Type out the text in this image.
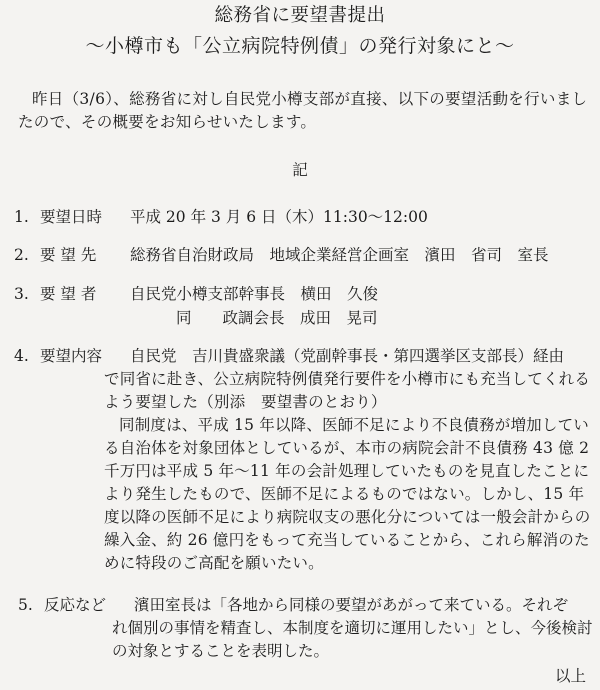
総務省に要望書提出
～小樽市も「公立病院特例債」の発行対象にと～
昨日（3/6）、総務省に対し自民党小樽支部が直接、以下の要望活動を行いましたので、その概要をお知らせいたします。
記
1. 要望日時 平成 20 年 3 月 6 日（木）11:30～12:00
2. 要 望 先 総務省自治財政局　地域企業経営企画室　濱田　省司　室長
3. 要 望 者 自民党小樽支部幹事長　横田　久俊
同　　政調会長　成田　晃司
4. 要望内容 自民党　吉川貴盛衆議（党副幹事長・第四選挙区支部長）経由

で同省に赴き、公立病院特例債発行要件を小樽市にも充当してくれるよう要望した（別添　要望書のとおり）

同制度は、平成 15 年以降、医師不足により不良債務が増加している自治体を対象団体としているが、本市の病院会計不良債務 43 億 2 千万円は平成 5 年～11 年の会計処理していたものを見直したことにより発生したもので、医師不足によるものではない。しかし、15 年度以降の医師不足により病院収支の悪化分については一般会計からの繰入金、約 26 億円をもって充当していることから、これら解消のために特段のご高配を願いたい。

5. 反応など 濱田室長は「各地から同様の要望があがって来ている。それぞ
れ個別の事情を精査し、本制度を適切に運用したい」とし、今後検討の対象とすることを表明した。
以上
